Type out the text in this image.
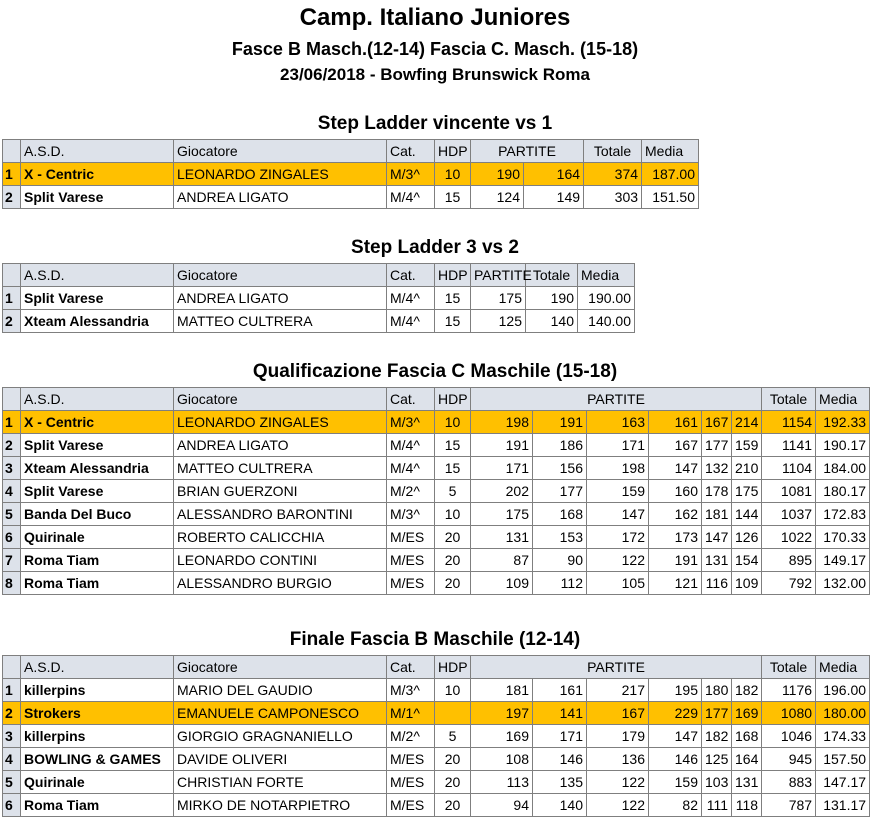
Camp. Italiano Juniores
Fasce B Masch.(12-14) Fascia C. Masch. (15-18)
23/06/2018 - Bowfing Brunswick Roma
Step Ladder vincente vs 1
	A.S.D.	Giocatore	Cat.	HDP	PARTITE		Totale	Media
1	X - Centric	LEONARDO ZINGALES	M/3^	10	190	164	374	187.00
2	Split Varese	ANDREA LIGATO	M/4^	15	124	149	303	151.50
Step Ladder 3 vs 2
	A.S.D.	Giocatore	Cat.	HDP	PARTITE	Totale	Media
1	Split Varese	ANDREA LIGATO	M/4^	15	175	190	190.00
2	Xteam Alessandria	MATTEO CULTRERA	M/4^	15	125	140	140.00
Qualificazione Fascia C Maschile (15-18)
	A.S.D.	Giocatore	Cat.	HDP	PARTITE						Totale	Media
1	X - Centric	LEONARDO ZINGALES	M/3^	10	198	191	163	161	167	214	1154	192.33
2	Split Varese	ANDREA LIGATO	M/4^	15	191	186	171	167	177	159	1141	190.17
3	Xteam Alessandria	MATTEO CULTRERA	M/4^	15	171	156	198	147	132	210	1104	184.00
4	Split Varese	BRIAN GUERZONI	M/2^	5	202	177	159	160	178	175	1081	180.17
5	Banda Del Buco	ALESSANDRO BARONTINI	M/3^	10	175	168	147	162	181	144	1037	172.83
6	Quirinale	ROBERTO CALICCHIA	M/ES	20	131	153	172	173	147	126	1022	170.33
7	Roma Tiam	LEONARDO CONTINI	M/ES	20	87	90	122	191	131	154	895	149.17
8	Roma Tiam	ALESSANDRO BURGIO	M/ES	20	109	112	105	121	116	109	792	132.00
Finale Fascia B Maschile (12-14)
	A.S.D.	Giocatore	Cat.	HDP	PARTITE						Totale	Media
1	killerpins	MARIO DEL GAUDIO	M/3^	10	181	161	217	195	180	182	1176	196.00
2	Strokers	EMANUELE CAMPONESCO	M/1^		197	141	167	229	177	169	1080	180.00
3	killerpins	GIORGIO GRAGNANIELLO	M/2^	5	169	171	179	147	182	168	1046	174.33
4	BOWLING & GAMES	DAVIDE OLIVERI	M/ES	20	108	146	136	146	125	164	945	157.50
5	Quirinale	CHRISTIAN FORTE	M/ES	20	113	135	122	159	103	131	883	147.17
6	Roma Tiam	MIRKO DE NOTARPIETRO	M/ES	20	94	140	122	82	111	118	787	131.17
